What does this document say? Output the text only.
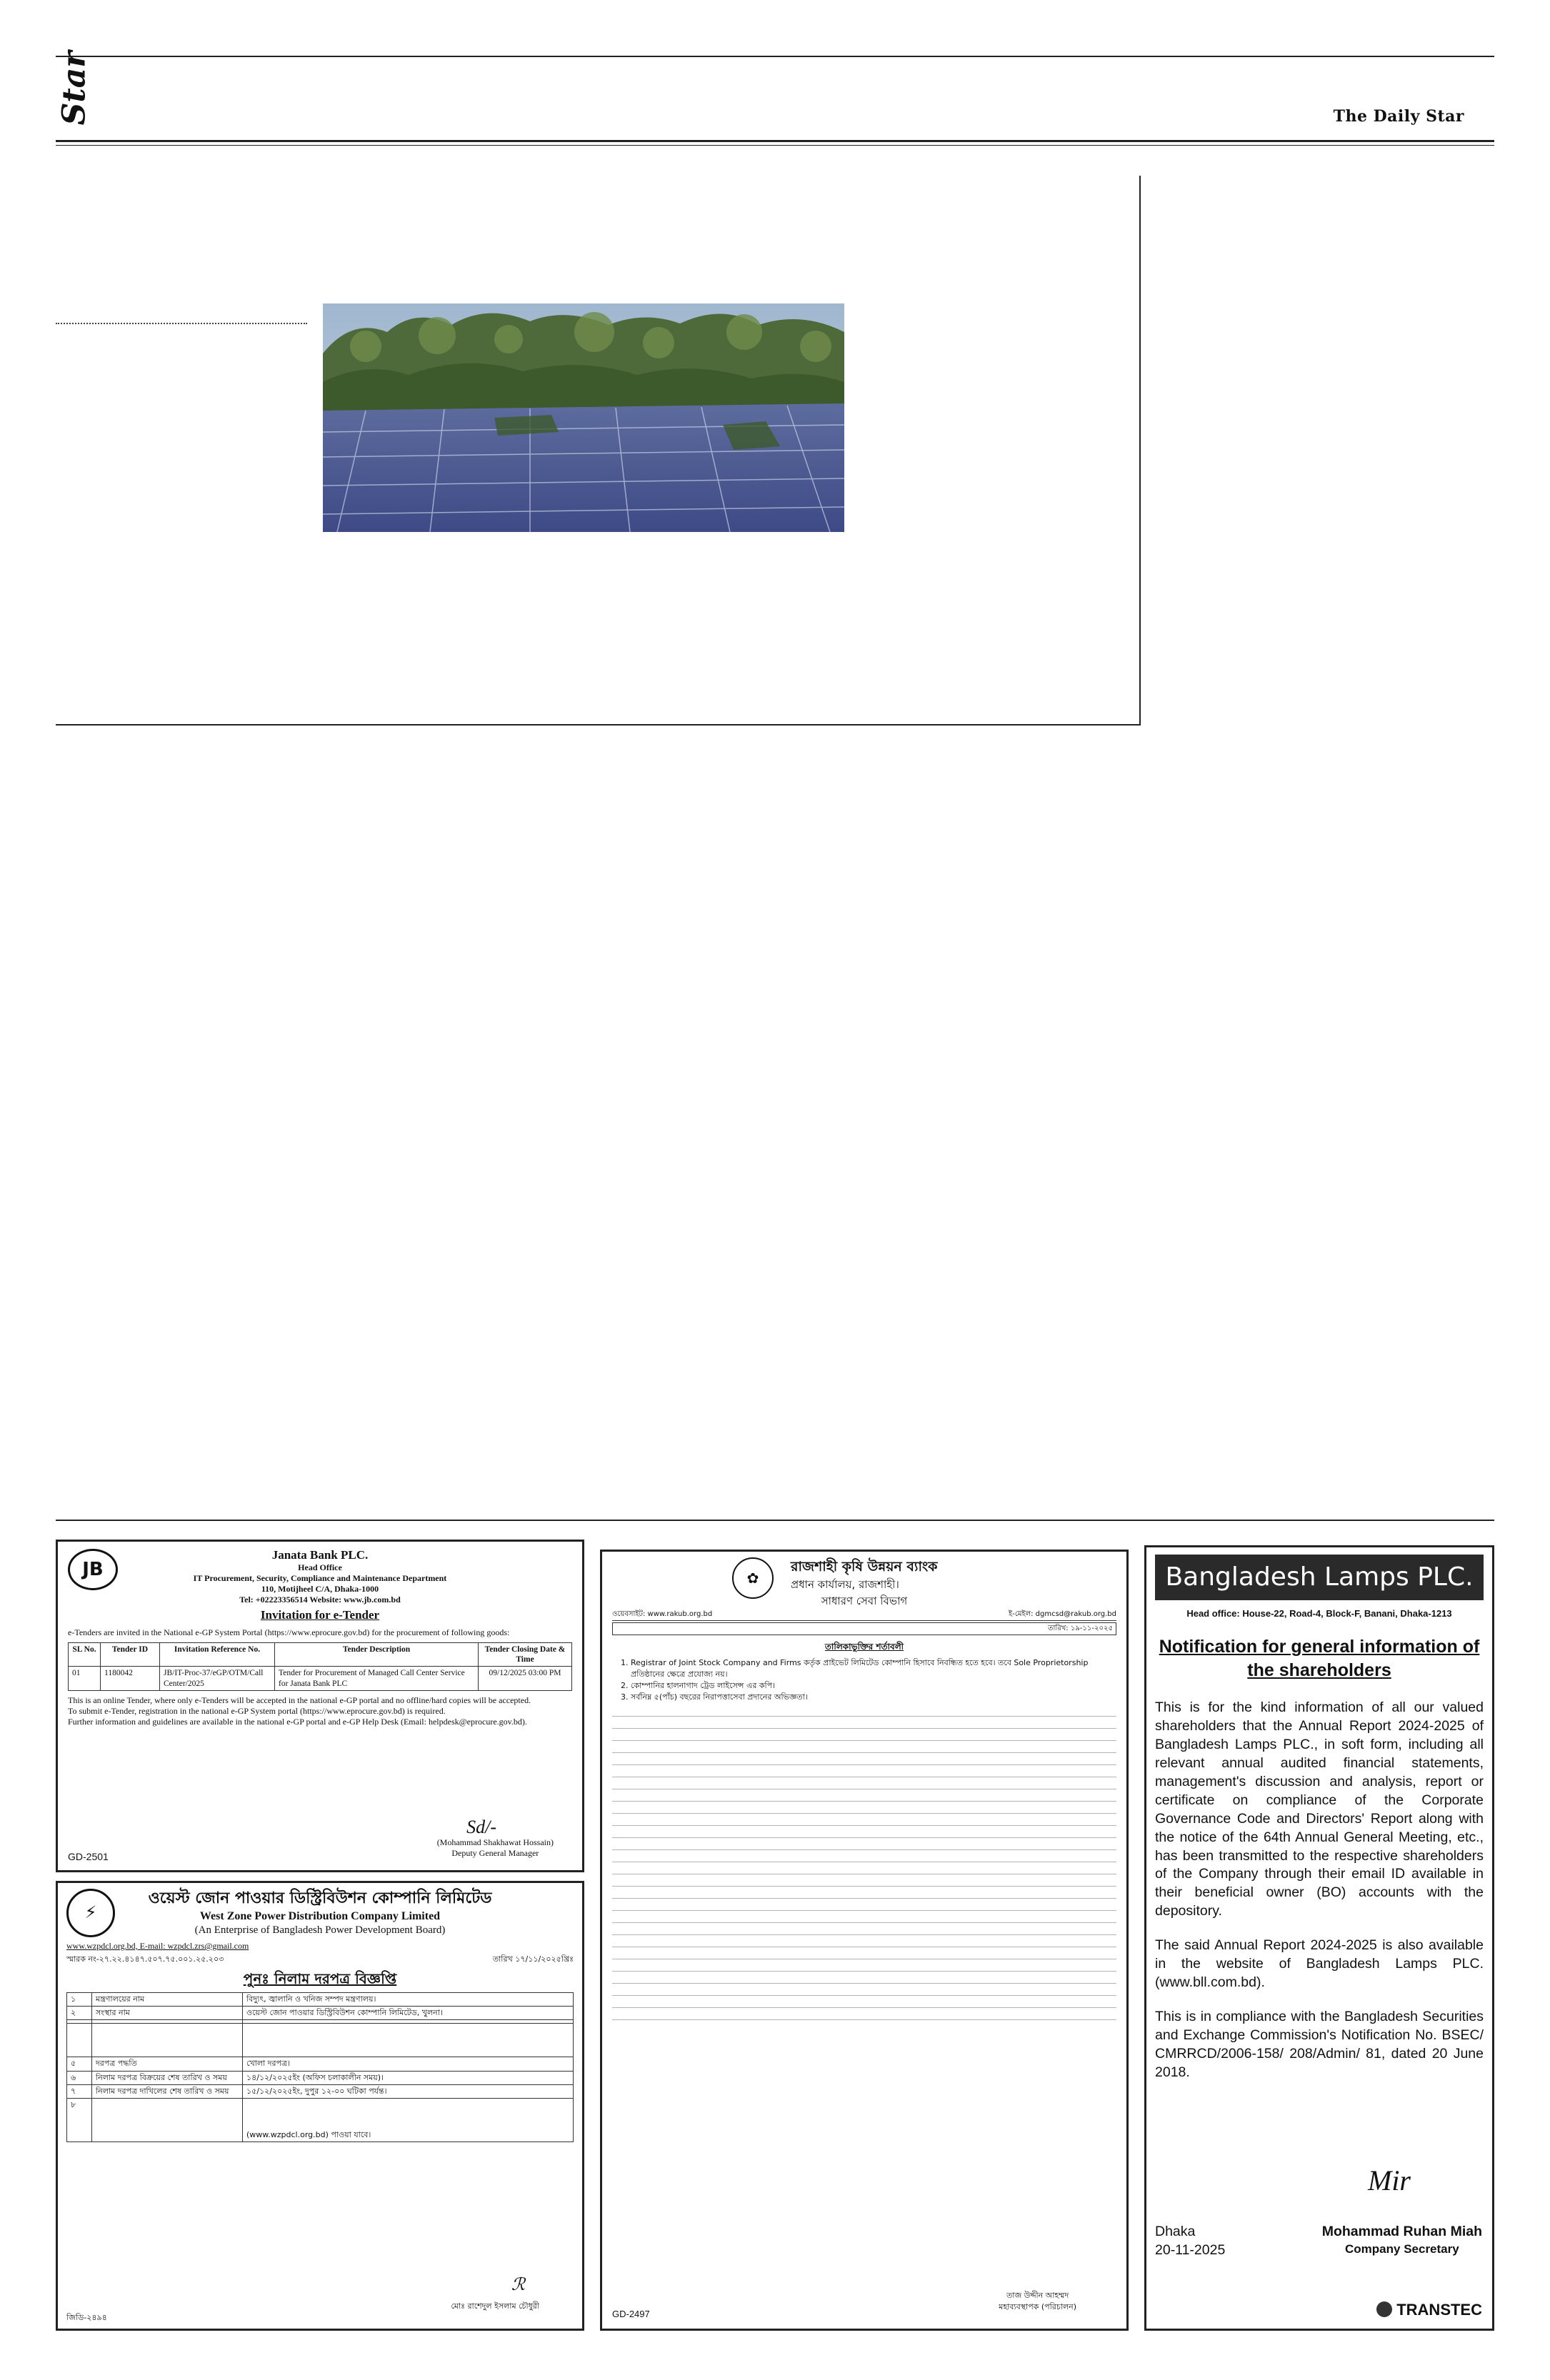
Star	The Daily Star
JB
Janata Bank PLC.
Head Office
IT Procurement, Security, Compliance and Maintenance Department
110, Motijheel C/A, Dhaka-1000
Tel: +02223356514 Website: www.jb.com.bd
Invitation for e-Tender
e-Tenders are invited in the National e-GP System Portal (https://www.eprocure.gov.bd) for the procurement of following goods:
SL No.	Tender ID	Invitation Reference No.	Tender Description	Tender Closing Date & Time
01	1180042	JB/IT-Proc-37/eGP/OTM/Call Center/2025	Tender for Procurement of Managed Call Center Service for Janata Bank PLC	09/12/2025 03:00 PM
This is an online Tender, where only e-Tenders will be accepted in the national e-GP portal and no offline/hard copies will be accepted.
To submit e-Tender, registration in the national e-GP System portal (https://www.eprocure.gov.bd) is required.
Further information and guidelines are available in the national e-GP portal and e-GP Help Desk (Email: helpdesk@eprocure.gov.bd).
Sd/-
(Mohammad Shakhawat Hossain)
Deputy General Manager
GD-2501
⚡
ওয়েস্ট জোন পাওয়ার ডিস্ট্রিবিউশন কোম্পানি লিমিটেড
West Zone Power Distribution Company Limited
(An Enterprise of Bangladesh Power Development Board)
www.wzpdcl.org.bd, E-mail: wzpdcl.zrs@gmail.com
স্মারক নং-২৭.২২.৪১৪৭.৫০৭.৭৫.০০১.২৫.২০৩	তারিখ ১৭/১১/২০২৫খ্রিঃ
পুনঃ নিলাম দরপত্র বিজ্ঞপ্তি
১	মন্ত্রণালয়ের নাম	বিদ্যুৎ, জ্বালানি ও খনিজ সম্পদ মন্ত্রণালয়।
২	সংস্থার নাম	ওয়েস্ট জোন পাওয়ার ডিস্ট্রিবিউশন কোম্পানি লিমিটেড, খুলনা।

৫	দরপত্র পদ্ধতি	খোলা দরপত্র।
৬	নিলাম দরপত্র বিক্রয়ের শেষ তারিখ ও সময়	১৪/১২/২০২৫ইং (অফিস চলাকালীন সময়)।
৭	নিলাম দরপত্র দাখিলের শেষ তারিখ ও সময়	১৫/১২/২০২৫ইং, দুপুর ১২-০০ ঘটিকা পর্যন্ত।
৮		(www.wzpdcl.org.bd) পাওয়া যাবে।
ℛ
মোঃ রাশেদুল ইসলাম চৌধুরী
জিডি-২৪৯৪
✿
রাজশাহী কৃষি উন্নয়ন ব্যাংক
প্রধান কার্যালয়, রাজশাহী।
সাধারণ সেবা বিভাগ
ওয়েবসাইট: www.rakub.org.bd	ই-মেইল: dgmcsd@rakub.org.bd
তারিখ: ১৯-১১-২০২৫
তালিকাভুক্তির শর্তাবলী
1. Registrar of Joint Stock Company and Firms কর্তৃক প্রাইভেট লিমিটেড কোম্পানি হিসাবে নিবন্ধিত হতে হবে। তবে Sole Proprietorship প্রতিষ্ঠানের ক্ষেত্রে প্রযোজ্য নয়।
2. কোম্পানির হালনাগাদ ট্রেড লাইসেন্স এর কপি।
3. সর্বনিম্ন ৫(পাঁচ) বছরের নিরাপত্তাসেবা প্রদানের অভিজ্ঞতা।
তাজ উদ্দীন আহম্মদ
মহাব্যবস্থাপক (পরিচালন)
GD-2497
Bangladesh Lamps PLC.
Head office: House-22, Road-4, Block-F, Banani, Dhaka-1213
Notification for general information of the shareholders
This is for the kind information of all our valued shareholders that the Annual Report 2024-2025 of Bangladesh Lamps PLC., in soft form, including all relevant annual audited financial statements, management's discussion and analysis, report or certificate on compliance of the Corporate Governance Code and Directors' Report along with the notice of the 64th Annual General Meeting, etc., has been transmitted to the respective shareholders of the Company through their email ID available in their beneficial owner (BO) accounts with the depository.
The said Annual Report 2024-2025 is also available in the website of Bangladesh Lamps PLC. (www.bll.com.bd).
This is in compliance with the Bangladesh Securities and Exchange Commission's Notification No. BSEC/ CMRRCD/2006-158/ 208/Admin/ 81, dated 20 June 2018.
Mir
Dhaka
20-11-2025
Mohammad Ruhan Miah
Company Secretary
TRANSTEC
